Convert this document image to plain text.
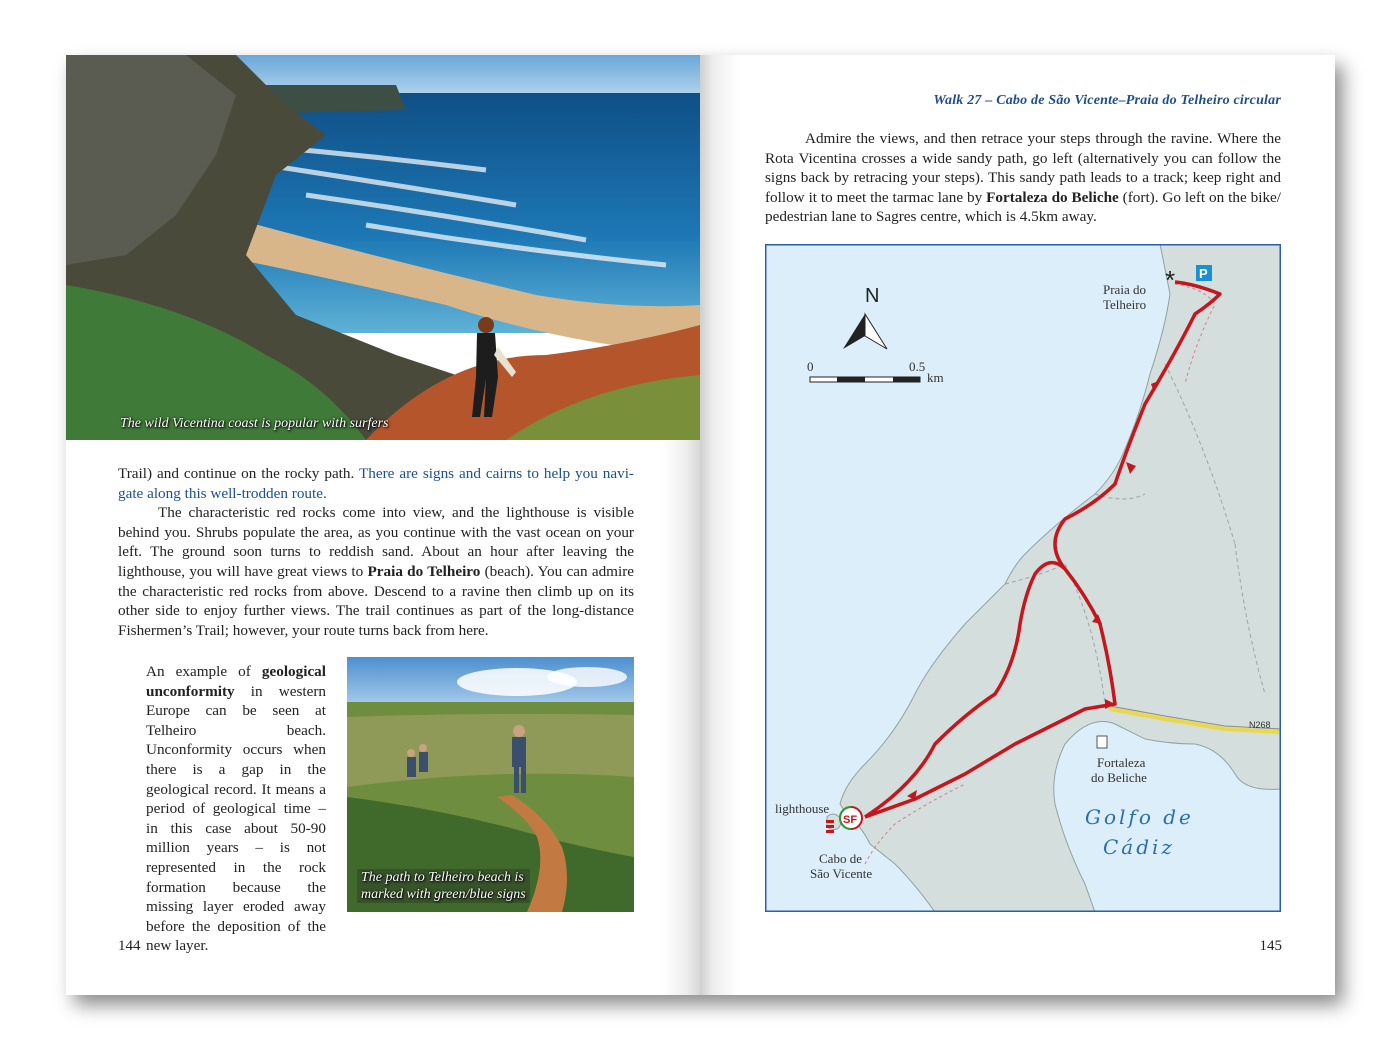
The wild Vicentina coast is popular with surfers

Trail) and continue on the rocky path. There are signs and cairns to help you navi-gate along this well-trodden route.

The characteristic red rocks come into view, and the lighthouse is visible behind you. Shrubs populate the area, as you continue with the vast ocean on your left. The ground soon turns to reddish sand. About an hour after leaving the lighthouse, you will have great views to Praia do Telheiro (beach). You can admire the characteristic red rocks from above. Descend to a ravine then climb up on its other side to enjoy further views. The trail continues as part of the long-distance Fishermen’s Trail; however, your route turns back from here.

An example of geological unconformity in western Europe can be seen at Telheiro beach. Unconformity occurs when there is a gap in the geological record. It means a period of geological time – in this case about 50-90 million years – is not represented in the rock formation because the missing layer eroded away before the deposition of the new layer.

The path to Telheiro beach is
marked with green/blue signs
144
Walk 27 – Cabo de São Vicente–Praia do Telheiro circular

Admire the views, and then retrace your steps through the ravine. Where the Rota Vicentina crosses a wide sandy path, go left (alternatively you can follow the signs back by retracing your steps). This sandy path leads to a track; keep right and follow it to meet the tarmac lane by Fortaleza do Beliche (fort). Go left on the bike/ pedestrian lane to Sagres centre, which is 4.5km away.

N
0	0.5
km
P
*
Praia do
Telheiro
Fortaleza
do Beliche
N268
lighthouse
Cabo de
São Vicente
SF	Golfo de
Cádiz
145
